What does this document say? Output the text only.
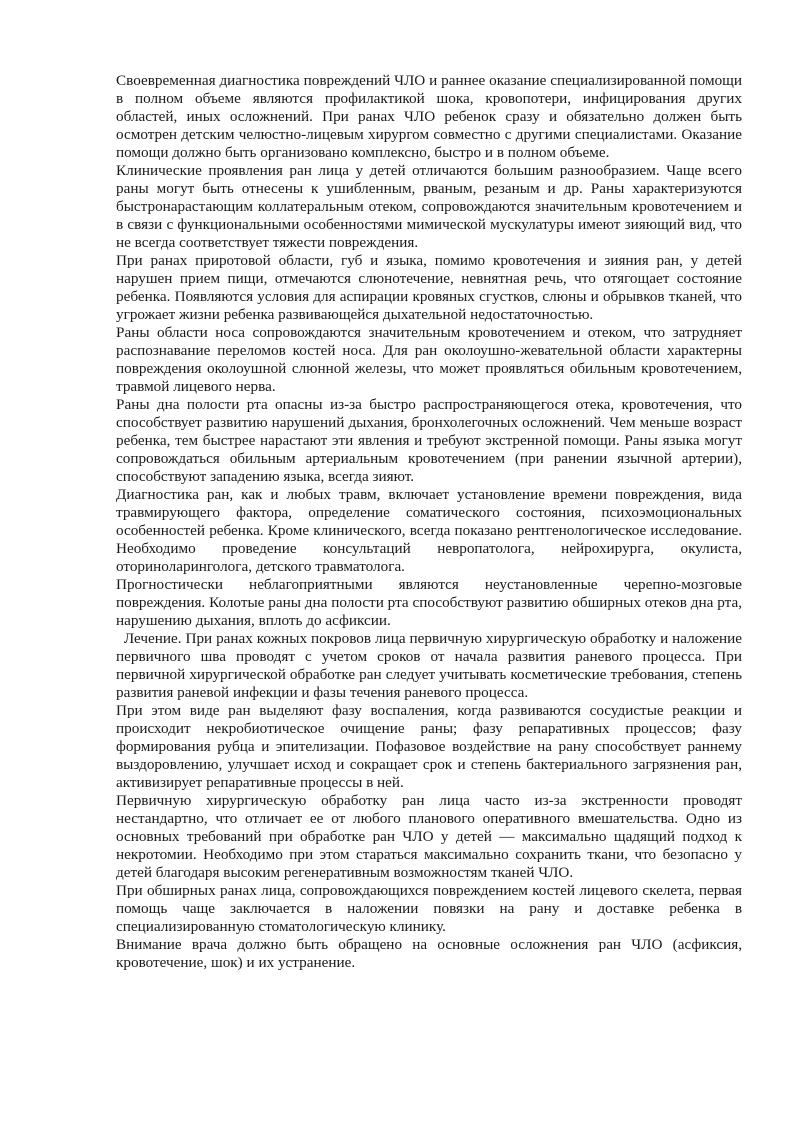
Своевременная диагностика повреждений ЧЛО и раннее оказание специализированной помощи в полном объеме являются профилактикой шока, кровопотери, инфицирования других областей, иных осложнений. При ранах ЧЛО ребенок сразу и обязательно должен быть осмотрен детским челюстно-лицевым хирургом совместно с другими специалистами. Оказание помощи должно быть организовано комплексно, быстро и в полном объеме.

Клинические проявления ран лица у детей отличаются большим разнообразием. Чаще всего раны могут быть отнесены к ушибленным, рваным, резаным и др. Раны характеризуются быстронарастающим коллатеральным отеком, сопровождаются значительным кровотечением и в связи с функциональными особенностями мимической мускулатуры имеют зияющий вид, что не всегда соответствует тяжести повреждения.

При ранах приротовой области, губ и языка, помимо кровотечения и зияния ран, у детей нарушен прием пищи, отмечаются слюнотечение, невнятная речь, что отягощает состояние ребенка. Появляются условия для аспирации кровяных сгустков, слюны и обрывков тканей, что угрожает жизни ребенка развивающейся дыхательной недостаточностью.

Раны области носа сопровождаются значительным кровотечением и отеком, что затрудняет распознавание переломов костей носа. Для ран околоушно-жевательной области характерны повреждения околоушной слюнной железы, что может проявляться обильным кровотечением, травмой лицевого нерва.

Раны дна полости рта опасны из-за быстро распространяющегося отека, кровотечения, что способствует развитию нарушений дыхания, бронхолегочных осложнений. Чем меньше возраст ребенка, тем быстрее нарастают эти явления и требуют экстренной помощи. Раны языка могут сопровождаться обильным артериальным кровотечением (при ранении язычной артерии), способствуют западению языка, всегда зияют.

Диагностика ран, как и любых травм, включает установление времени повреждения, вида травмирующего фактора, определение соматического состояния, психоэмоциональных особенностей ребенка. Кроме клинического, всегда показано рентгенологическое исследование. Необходимо проведение консультаций невропатолога, нейрохирурга, окулиста, оториноларинголога, детского травматолога.

Прогностически неблагоприятными являются неустановленные черепно-мозговые повреждения. Колотые раны дна полости рта способствуют развитию обширных отеков дна рта, нарушению дыхания, вплоть до асфиксии.

Лечение. При ранах кожных покровов лица первичную хирургическую обработку и наложение первичного шва проводят с учетом сроков от начала развития раневого процесса. При первичной хирургической обработке ран следует учитывать косметические требования, степень развития раневой инфекции и фазы течения раневого процесса.

При этом виде ран выделяют фазу воспаления, когда развиваются сосудистые реакции и происходит некробиотическое очищение раны; фазу репаративных процессов; фазу формирования рубца и эпителизации. Пофазовое воздействие на рану способствует раннему выздоровлению, улучшает исход и сокращает срок и степень бактериального загрязнения ран, активизирует репаративные процессы в ней.

Первичную хирургическую обработку ран лица часто из-за экстренности проводят нестандартно, что отличает ее от любого планового оперативного вмешательства. Одно из основных требований при обработке ран ЧЛО у детей — максимально щадящий подход к некротомии. Необходимо при этом стараться максимально сохранить ткани, что безопасно у детей благодаря высоким регенеративным возможностям тканей ЧЛО.

При обширных ранах лица, сопровождающихся повреждением костей лицевого скелета, первая помощь чаще заключается в наложении повязки на рану и доставке ребенка в специализированную стоматологическую клинику.

Внимание врача должно быть обращено на основные осложнения ран ЧЛО (асфиксия, кровотечение, шок) и их устранение.
